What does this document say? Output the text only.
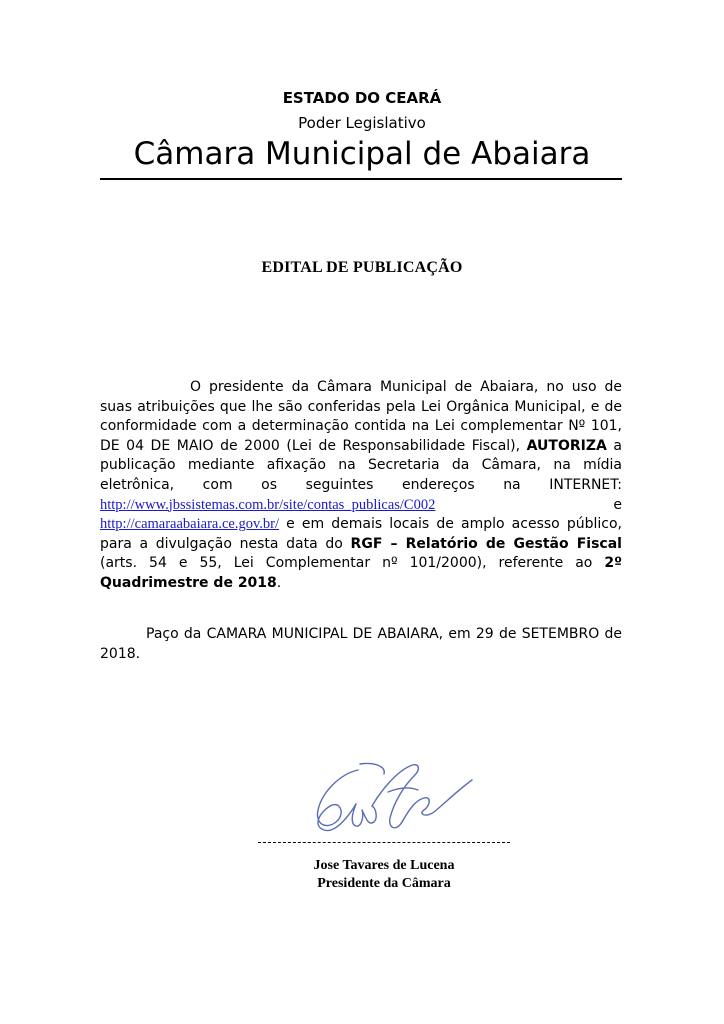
ESTADO DO CEARÁ
Poder Legislativo
Câmara Municipal de Abaiara
EDITAL DE PUBLICAÇÃO

O presidente da Câmara Municipal de Abaiara, no uso de suas atribuições que lhe são conferidas pela Lei Orgânica Municipal, e de conformidade com a determinação contida na Lei complementar Nº 101, DE 04 DE MAIO de 2000 (Lei de Responsabilidade Fiscal), AUTORIZA a publicação mediante afixação na Secretaria da Câmara, na mídia eletrônica, com os seguintes endereços na INTERNET: http://www.jbssistemas.com.br/site/contas_publicas/C002 e http://camaraabaiara.ce.gov.br/ e em demais locais de amplo acesso público, para a divulgação nesta data do RGF – Relatório de Gestão Fiscal (arts. 54 e 55, Lei Complementar nº 101/2000), referente ao 2º Quadrimestre de 2018.

Paço da CAMARA MUNICIPAL DE ABAIARA, em 29 de SETEMBRO de 2018.
Jose Tavares de Lucena
Presidente da Câmara
